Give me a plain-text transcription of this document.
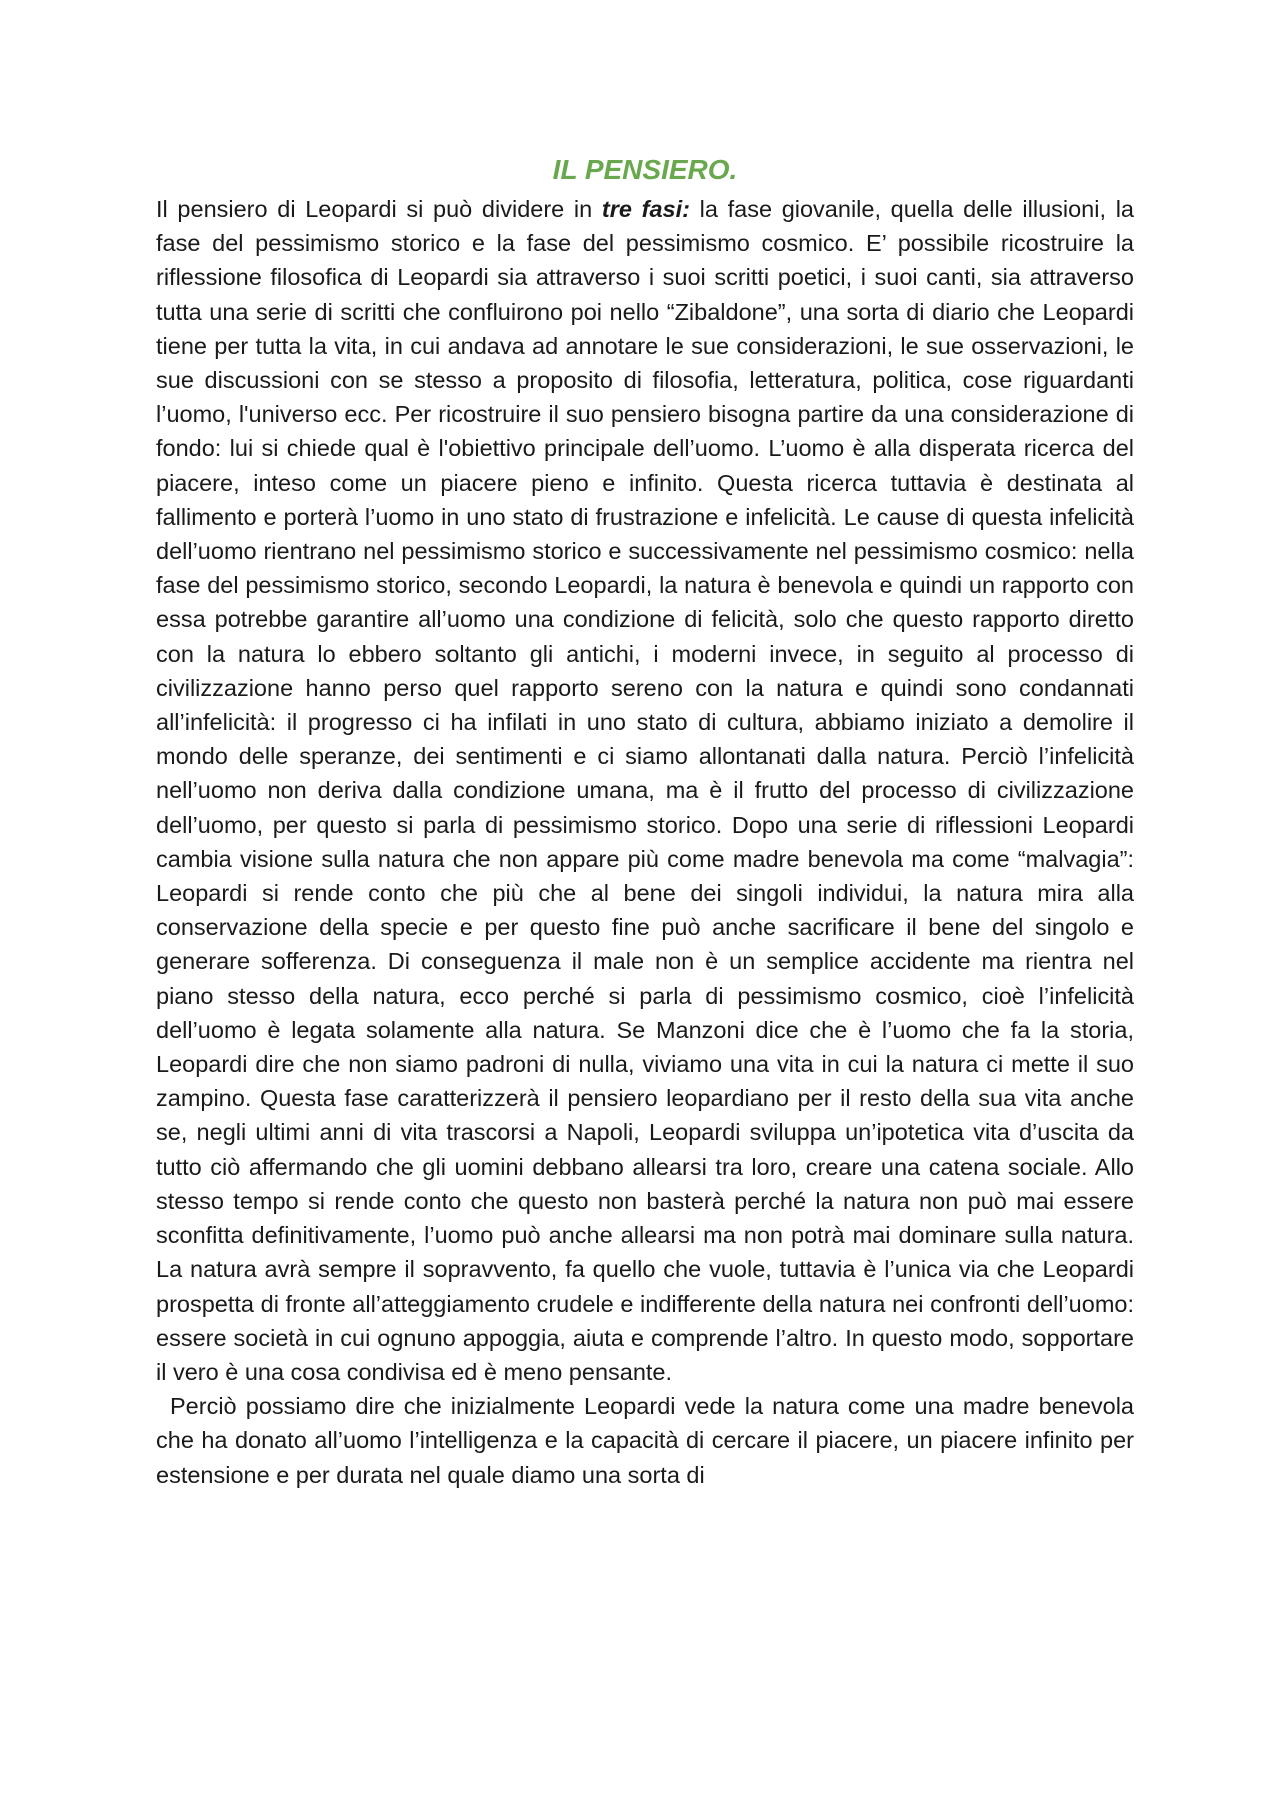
IL PENSIERO.

Il pensiero di Leopardi si può dividere in tre fasi: la fase giovanile, quella delle illusioni, la fase del pessimismo storico e la fase del pessimismo cosmico. E’ possibile ricostruire la riflessione filosofica di Leopardi sia attraverso i suoi scritti poetici, i suoi canti, sia attraverso tutta una serie di scritti che confluirono poi nello “Zibaldone”, una sorta di diario che Leopardi tiene per tutta la vita, in cui andava ad annotare le sue considerazioni, le sue osservazioni, le sue discussioni con se stesso a proposito di filosofia, letteratura, politica, cose riguardanti l’uomo, l'universo ecc. Per ricostruire il suo pensiero bisogna partire da una considerazione di fondo: lui si chiede qual è l'obiettivo principale dell’uomo. L’uomo è alla disperata ricerca del piacere, inteso come un piacere pieno e infinito. Questa ricerca tuttavia è destinata al fallimento e porterà l’uomo in uno stato di frustrazione e infelicità. Le cause di questa infelicità dell’uomo rientrano nel pessimismo storico e successivamente nel pessimismo cosmico: nella fase del pessimismo storico, secondo Leopardi, la natura è benevola e quindi un rapporto con essa potrebbe garantire all’uomo una condizione di felicità, solo che questo rapporto diretto con la natura lo ebbero soltanto gli antichi, i moderni invece, in seguito al processo di civilizzazione hanno perso quel rapporto sereno con la natura e quindi sono condannati all’infelicità: il progresso ci ha infilati in uno stato di cultura, abbiamo iniziato a demolire il mondo delle speranze, dei sentimenti e ci siamo allontanati dalla natura. Perciò l’infelicità nell’uomo non deriva dalla condizione umana, ma è il frutto del processo di civilizzazione dell’uomo, per questo si parla di pessimismo storico. Dopo una serie di riflessioni Leopardi cambia visione sulla natura che non appare più come madre benevola ma come “malvagia”: Leopardi si rende conto che più che al bene dei singoli individui, la natura mira alla conservazione della specie e per questo fine può anche sacrificare il bene del singolo e generare sofferenza. Di conseguenza il male non è un semplice accidente ma rientra nel piano stesso della natura, ecco perché si parla di pessimismo cosmico, cioè l’infelicità dell’uomo è legata solamente alla natura. Se Manzoni dice che è l’uomo che fa la storia, Leopardi dire che non siamo padroni di nulla, viviamo una vita in cui la natura ci mette il suo zampino. Questa fase caratterizzerà il pensiero leopardiano per il resto della sua vita anche se, negli ultimi anni di vita trascorsi a Napoli, Leopardi sviluppa un’ipotetica vita d’uscita da tutto ciò affermando che gli uomini debbano allearsi tra loro, creare una catena sociale. Allo stesso tempo si rende conto che questo non basterà perché la natura non può mai essere sconfitta definitivamente, l’uomo può anche allearsi ma non potrà mai dominare sulla natura. La natura avrà sempre il sopravvento, fa quello che vuole, tuttavia è l’unica via che Leopardi prospetta di fronte all’atteggiamento crudele e indifferente della natura nei confronti dell’uomo: essere società in cui ognuno appoggia, aiuta e comprende l’altro. In questo modo, sopportare il vero è una cosa condivisa ed è meno pensante.

Perciò possiamo dire che inizialmente Leopardi vede la natura come una madre benevola che ha donato all’uomo l’intelligenza e la capacità di cercare il piacere, un piacere infinito per estensione e per durata nel quale diamo una sorta di
